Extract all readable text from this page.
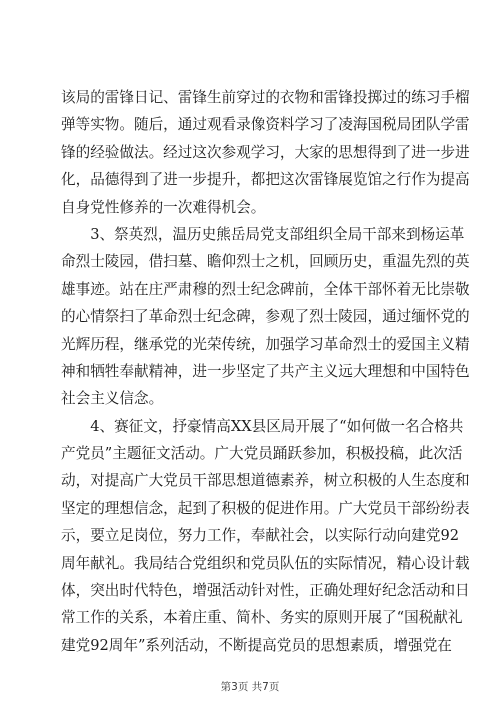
该局的雷锋日记、雷锋生前穿过的衣物和雷锋投掷过的练习手榴
弹等实物。随后，通过观看录像资料学习了凌海国税局团队学雷
锋的经验做法。经过这次参观学习，大家的思想得到了进一步进
化，品德得到了进一步提升，都把这次雷锋展览馆之行作为提高
自身党性修养的一次难得机会。
　　3、祭英烈，温历史熊岳局党支部组织全局干部来到杨运革
命烈士陵园，借扫墓、瞻仰烈士之机，回顾历史，重温先烈的英
雄事迹。站在庄严肃穆的烈士纪念碑前，全体干部怀着无比崇敬
的心情祭扫了革命烈士纪念碑，参观了烈士陵园，通过缅怀党的
光辉历程，继承党的光荣传统，加强学习革命烈士的爱国主义精
神和牺牲奉献精神，进一步坚定了共产主义远大理想和中国特色
社会主义信念。
　　4、赛征文，抒豪情高XX县区局开展了“如何做一名合格共
产党员”主题征文活动。广大党员踊跃参加，积极投稿，此次活
动，对提高广大党员干部思想道德素养，树立积极的人生态度和
坚定的理想信念，起到了积极的促进作用。广大党员干部纷纷表
示，要立足岗位，努力工作，奉献社会，以实际行动向建党92
周年献礼。我局结合党组织和党员队伍的实际情况，精心设计载
体，突出时代特色，增强活动针对性，正确处理好纪念活动和日
常工作的关系，本着庄重、简朴、务实的原则开展了“国税献礼
建党92周年”系列活动，不断提高党员的思想素质，增强党在
第3页 共7页
